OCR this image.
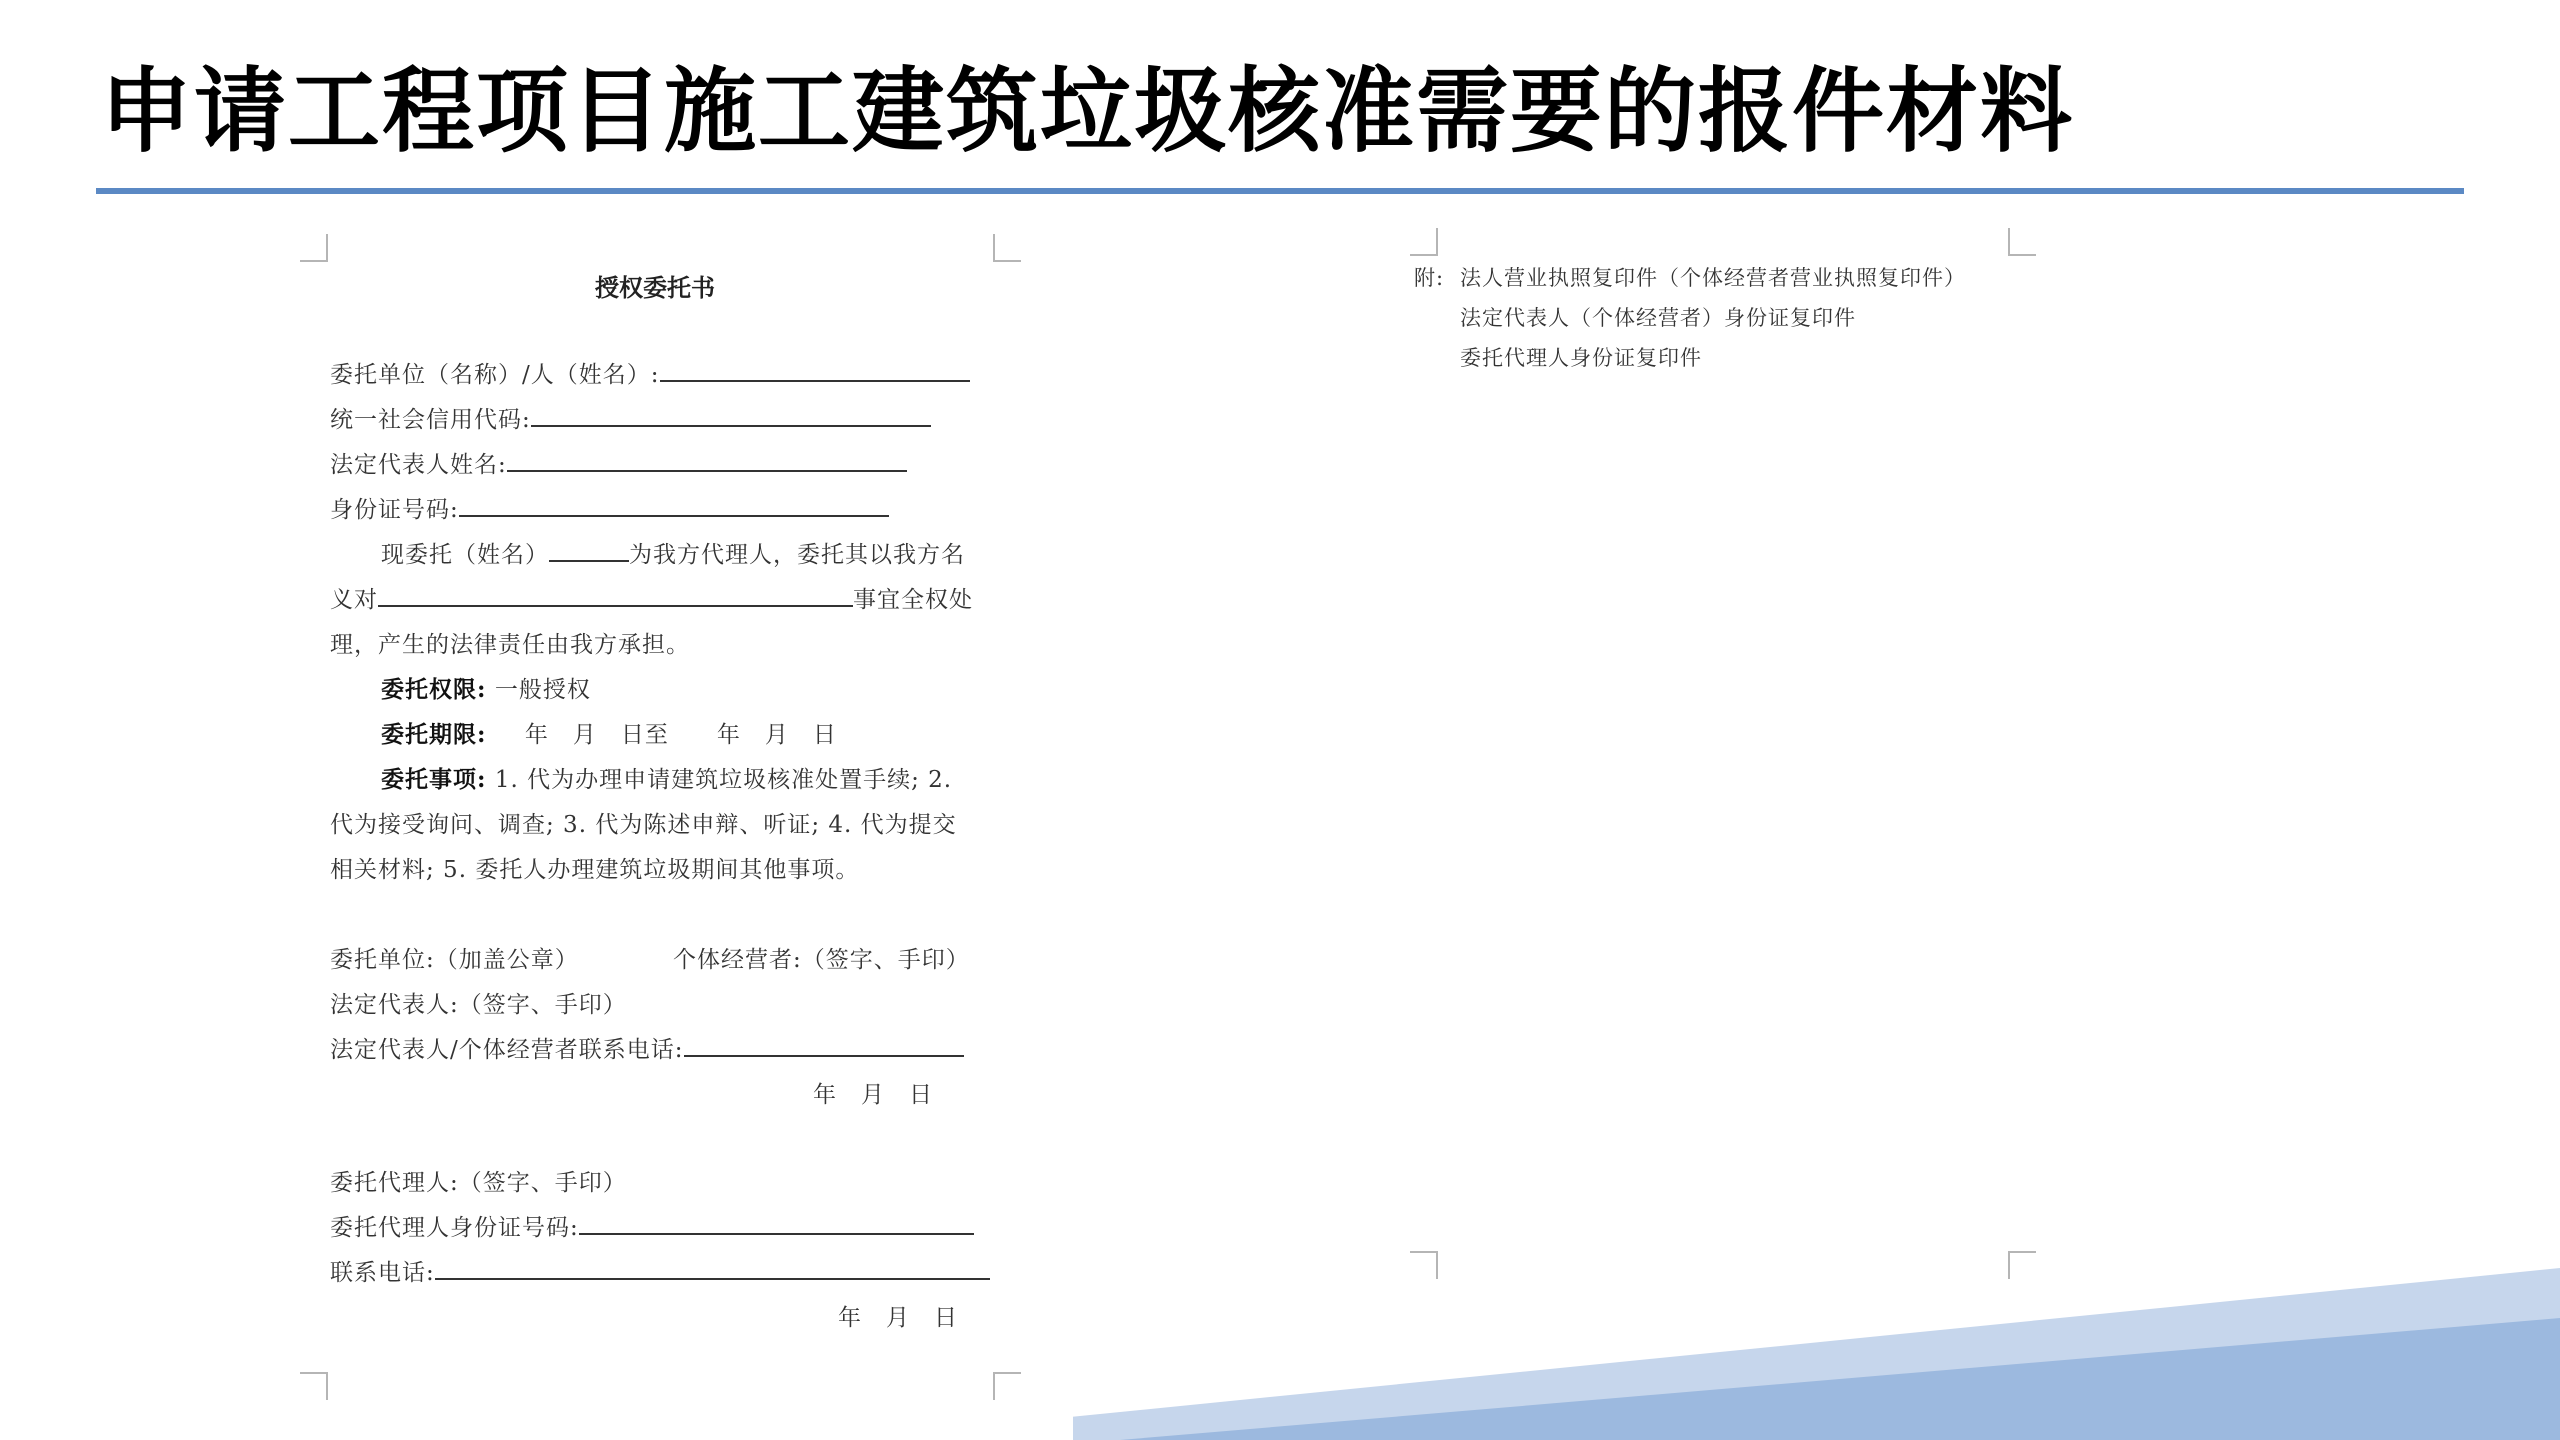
申请工程项目施工建筑垃圾核准需要的报件材料
授权委托书
委托单位（名称）/人（姓名）:
统一社会信用代码:
法定代表人姓名:
身份证号码:
现委托（姓名）	为我方代理人，委托其以我方名
义对	事宜全权处
理，产生的法律责任由我方承担。
委托权限: 一般授权
委托期限: 年　月　日至　　年　月　日
委托事项: 1. 代为办理申请建筑垃圾核准处置手续; 2.
代为接受询问、调查; 3. 代为陈述申辩、听证; 4. 代为提交
相关材料; 5. 委托人办理建筑垃圾期间其他事项。
委托单位:（加盖公章）	个体经营者:（签字、手印）
法定代表人:（签字、手印）
法定代表人/个体经营者联系电话:
年　月　日
委托代理人:（签字、手印）
委托代理人身份证号码:
联系电话:
年　月　日
附: 法人营业执照复印件（个体经营者营业执照复印件）
法定代表人（个体经营者）身份证复印件
委托代理人身份证复印件
